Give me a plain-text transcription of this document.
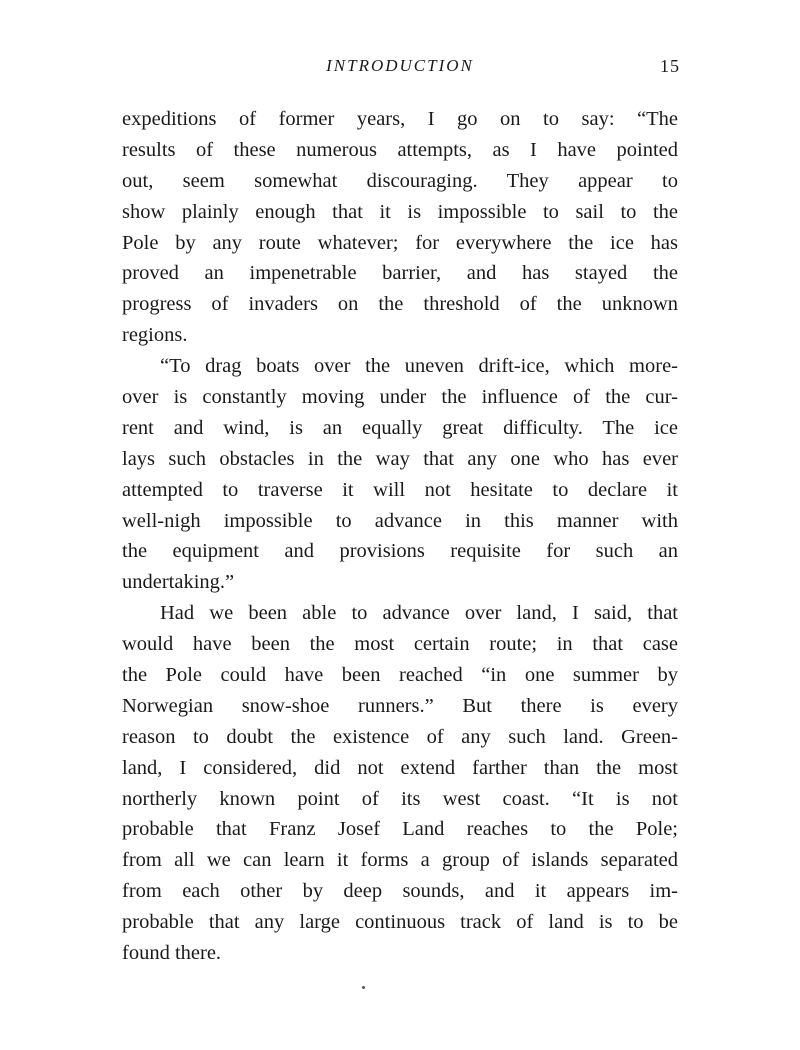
INTRODUCTION	15
expeditions of former years, I go on to say: “The
results of these numerous attempts, as I have pointed
out, seem somewhat discouraging. They appear to
show plainly enough that it is impossible to sail to the
Pole by any route whatever; for everywhere the ice has
proved an impenetrable barrier, and has stayed the
progress of invaders on the threshold of the unknown
regions.
“To drag boats over the uneven drift-ice, which more-
over is constantly moving under the influence of the cur-
rent and wind, is an equally great difficulty. The ice
lays such obstacles in the way that any one who has ever
attempted to traverse it will not hesitate to declare it
well-nigh impossible to advance in this manner with
the equipment and provisions requisite for such an
undertaking.”
Had we been able to advance over land, I said, that
would have been the most certain route; in that case
the Pole could have been reached “in one summer by
Norwegian snow-shoe runners.” But there is every
reason to doubt the existence of any such land. Green-
land, I considered, did not extend farther than the most
northerly known point of its west coast. “It is not
probable that Franz Josef Land reaches to the Pole;
from all we can learn it forms a group of islands separated
from each other by deep sounds, and it appears im-
probable that any large continuous track of land is to be
found there.
